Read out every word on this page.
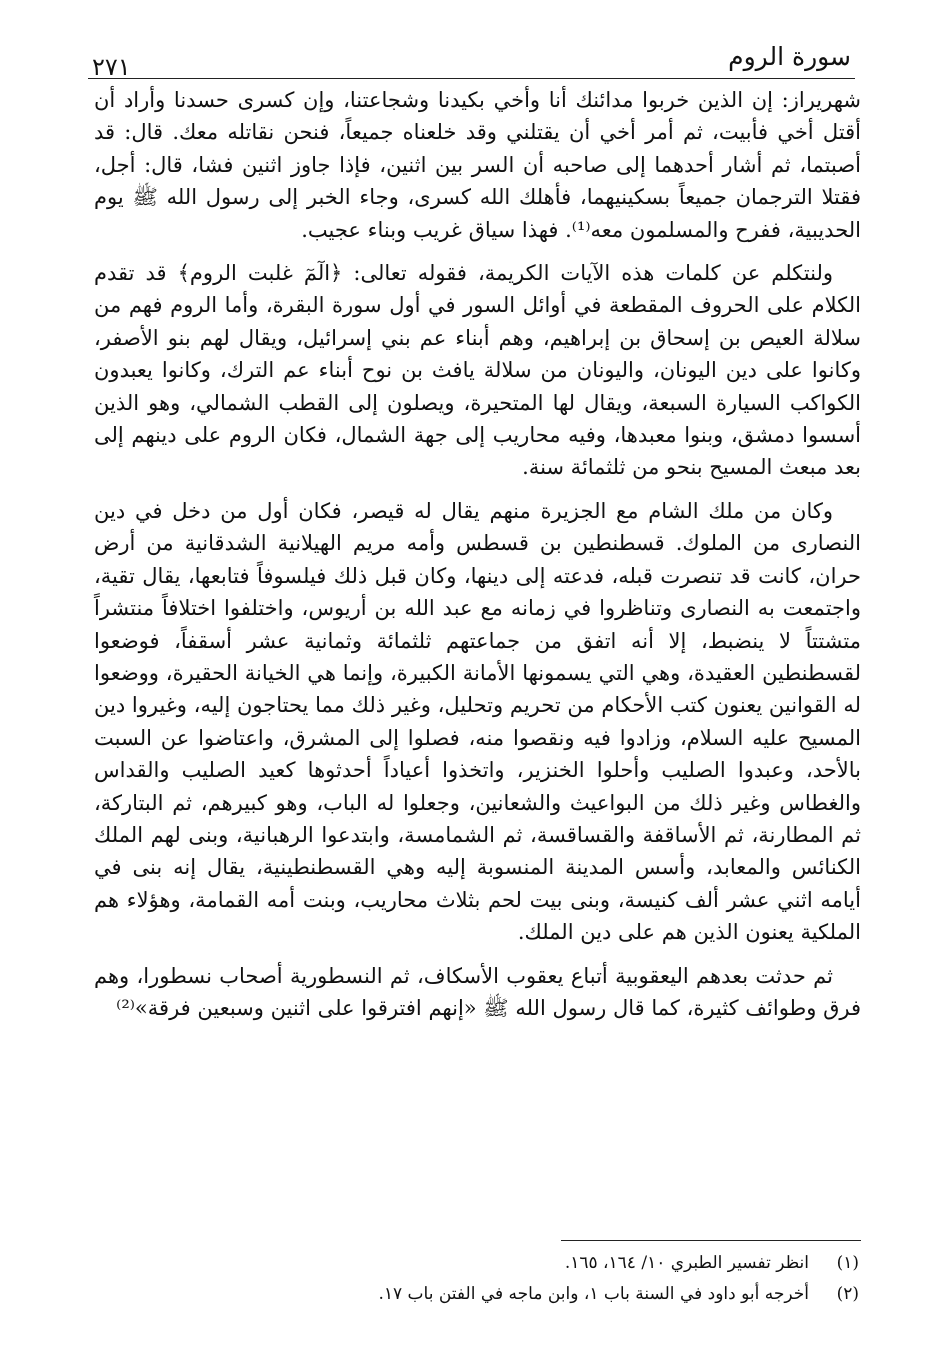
سورة الروم
٢٧١

شهريراز: إن الذين خربوا مدائنك أنا وأخي بكيدنا وشجاعتنا، وإن كسرى حسدنا وأراد أن أقتل أخي فأبيت، ثم أمر أخي أن يقتلني وقد خلعناه جميعاً، فنحن نقاتله معك. قال: قد أصبتما، ثم أشار أحدهما إلى صاحبه أن السر بين اثنين، فإذا جاوز اثنين فشا، قال: أجل، فقتلا الترجمان جميعاً بسكينيهما، فأهلك الله كسرى، وجاء الخبر إلى رسول الله ﷺ يوم الحديبية، ففرح والمسلمون معه⁽¹⁾. فهذا سياق غريب وبناء عجيب.

ولنتكلم عن كلمات هذه الآيات الكريمة، فقوله تعالى: ﴿الٓمٓ غلبت الروم﴾ قد تقدم الكلام على الحروف المقطعة في أوائل السور في أول سورة البقرة، وأما الروم فهم من سلالة العيص بن إسحاق بن إبراهيم، وهم أبناء عم بني إسرائيل، ويقال لهم بنو الأصفر، وكانوا على دين اليونان، واليونان من سلالة يافث بن نوح أبناء عم الترك، وكانوا يعبدون الكواكب السيارة السبعة، ويقال لها المتحيرة، ويصلون إلى القطب الشمالي، وهو الذين أسسوا دمشق، وبنوا معبدها، وفيه محاريب إلى جهة الشمال، فكان الروم على دينهم إلى بعد مبعث المسيح بنحو من ثلثمائة سنة.

وكان من ملك الشام مع الجزيرة منهم يقال له قيصر، فكان أول من دخل في دين النصارى من الملوك. قسطنطين بن قسطس وأمه مريم الهيلانية الشدقانية من أرض حران، كانت قد تنصرت قبله، فدعته إلى دينها، وكان قبل ذلك فيلسوفاً فتابعها، يقال تقية، واجتمعت به النصارى وتناظروا في زمانه مع عبد الله بن أريوس، واختلفوا اختلافاً منتشراً متشتتاً لا ينضبط، إلا أنه اتفق من جماعتهم ثلثمائة وثمانية عشر أسقفاً، فوضعوا لقسطنطين العقيدة، وهي التي يسمونها الأمانة الكبيرة، وإنما هي الخيانة الحقيرة، ووضعوا له القوانين يعنون كتب الأحكام من تحريم وتحليل، وغير ذلك مما يحتاجون إليه، وغيروا دين المسيح عليه السلام، وزادوا فيه ونقصوا منه، فصلوا إلى المشرق، واعتاضوا عن السبت بالأحد، وعبدوا الصليب وأحلوا الخنزير، واتخذوا أعياداً أحدثوها كعيد الصليب والقداس والغطاس وغير ذلك من البواعيث والشعانين، وجعلوا له الباب، وهو كبيرهم، ثم البتاركة، ثم المطارنة، ثم الأساقفة والقساقسة، ثم الشمامسة، وابتدعوا الرهبانية، وبنى لهم الملك الكنائس والمعابد، وأسس المدينة المنسوبة إليه وهي القسطنطينية، يقال إنه بنى في أيامه اثني عشر ألف كنيسة، وبنى بيت لحم بثلاث محاريب، وبنت أمه القمامة، وهؤلاء هم الملكية يعنون الذين هم على دين الملك.

ثم حدثت بعدهم اليعقوبية أتباع يعقوب الأسكاف، ثم النسطورية أصحاب نسطورا، وهم فرق وطوائف كثيرة، كما قال رسول الله ﷺ «إنهم افترقوا على اثنين وسبعين فرقة»⁽²⁾

(١)
انظر تفسير الطبري ١٠/ ١٦٤، ١٦٥.
(٢)
أخرجه أبو داود في السنة باب ١، وابن ماجه في الفتن باب ١٧.
